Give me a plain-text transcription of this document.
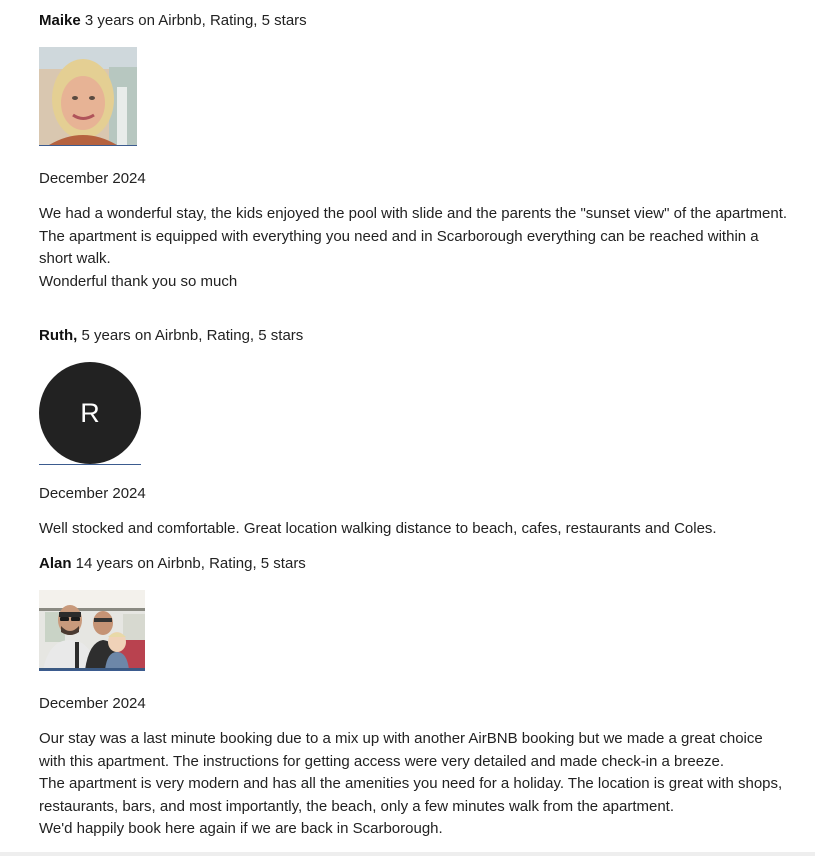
Maike 3 years on Airbnb, Rating, 5 stars

December 2024

We had a wonderful stay, the kids enjoyed the pool with slide and the parents the "sunset view" of the apartment.
The apartment is equipped with everything you need and in Scarborough everything can be reached within a short walk.
Wonderful thank you so much

Ruth, 5 years on Airbnb, Rating, 5 stars

R

December 2024

Well stocked and comfortable. Great location walking distance to beach, cafes, restaurants and Coles.

Alan 14 years on Airbnb, Rating, 5 stars

December 2024

Our stay was a last minute booking due to a mix up with another AirBNB booking but we made a great choice with this apartment. The instructions for getting access were very detailed and made check-in a breeze.
The apartment is very modern and has all the amenities you need for a holiday. The location is great with shops, restaurants, bars, and most importantly, the beach, only a few minutes walk from the apartment.
We'd happily book here again if we are back in Scarborough.
